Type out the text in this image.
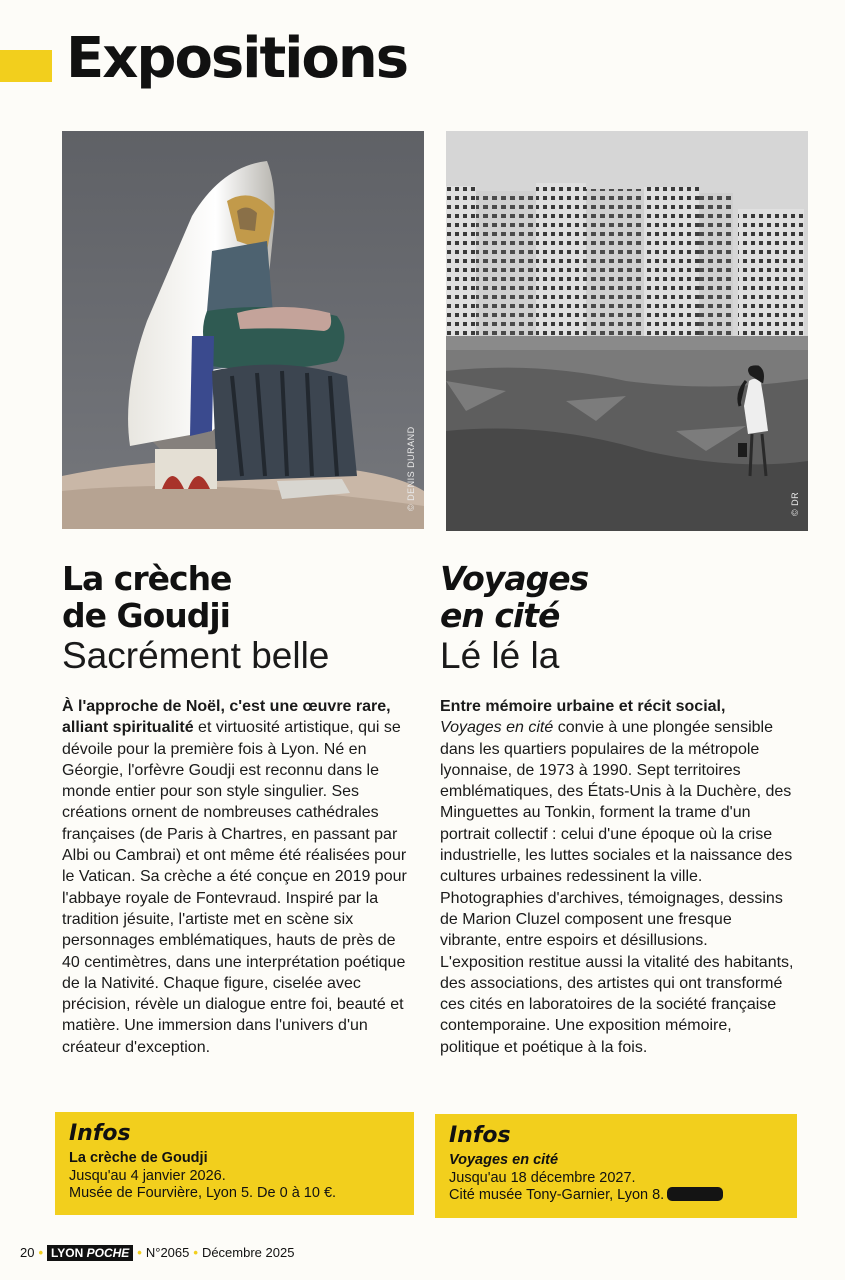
Expositions
© DENIS DURAND	© DR
La crèche
de Goudji

Sacrément belle

À l'approche de Noël, c'est une œuvre rare, alliant spiritualité et virtuosité artistique, qui se dévoile pour la première fois à Lyon. Né en Géorgie, l'orfèvre Goudji est reconnu dans le monde entier pour son style singulier. Ses créations ornent de nombreuses cathédrales françaises (de Paris à Chartres, en passant par Albi ou Cambrai) et ont même été réalisées pour le Vatican. Sa crèche a été conçue en 2019 pour l'abbaye royale de Fontevraud. Inspiré par la tradition jésuite, l'artiste met en scène six personnages emblématiques, hauts de près de 40 centimètres, dans une interprétation poétique de la Nativité. Chaque figure, ciselée avec précision, révèle un dialogue entre foi, beauté et matière. Une immersion dans l'univers d'un créateur d'exception.

Infos

La crèche de Goudji
Jusqu'au 4 janvier 2026.
Musée de Fourvière, Lyon 5. De 0 à 10 €.
Voyages
en cité

Lé lé la

Entre mémoire urbaine et récit social,
Voyages en cité convie à une plongée sensible dans les quartiers populaires de la métropole lyonnaise, de 1973 à 1990. Sept territoires emblématiques, des États-Unis à la Duchère, des Minguettes au Tonkin, forment la trame d'un portrait collectif : celui d'une époque où la crise industrielle, les luttes sociales et la naissance des cultures urbaines redessinent la ville. Photographies d'archives, témoignages, dessins de Marion Cluzel composent une fresque vibrante, entre espoirs et désillusions. L'exposition restitue aussi la vitalité des habitants, des associations, des artistes qui ont transformé ces cités en laboratoires de la société française contemporaine. Une exposition mémoire, politique et poétique à la fois.

Infos

Voyages en cité
Jusqu'au 18 décembre 2027.
Cité musée Tony-Garnier, Lyon 8.
20 • LYON POCHE • N°2065 • Décembre 2025
